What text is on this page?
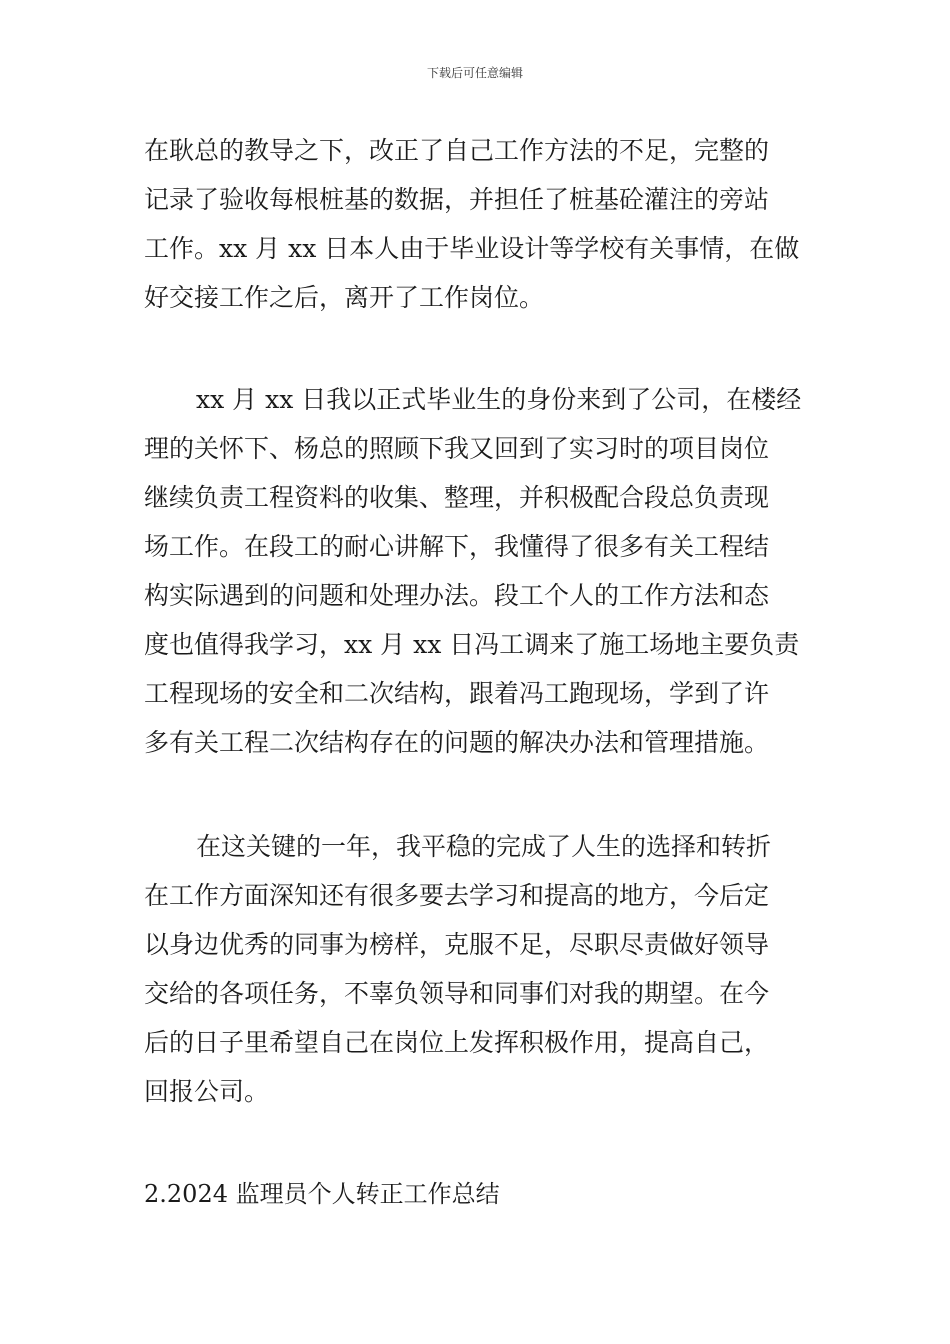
下载后可任意编辑
在耿总的教导之下，改正了自己工作方法的不足，完整的
记录了验收每根桩基的数据，并担任了桩基砼灌注的旁站
工作。xx 月 xx 日本人由于毕业设计等学校有关事情，在做
好交接工作之后，离开了工作岗位。
xx 月 xx 日我以正式毕业生的身份来到了公司，在楼经
理的关怀下、杨总的照顾下我又回到了实习时的项目岗位
继续负责工程资料的收集、整理，并积极配合段总负责现
场工作。在段工的耐心讲解下，我懂得了很多有关工程结
构实际遇到的问题和处理办法。段工个人的工作方法和态
度也值得我学习，xx 月 xx 日冯工调来了施工场地主要负责
工程现场的安全和二次结构，跟着冯工跑现场，学到了许
多有关工程二次结构存在的问题的解决办法和管理措施。
在这关键的一年，我平稳的完成了人生的选择和转折
在工作方面深知还有很多要去学习和提高的地方，今后定
以身边优秀的同事为榜样，克服不足，尽职尽责做好领导
交给的各项任务，不辜负领导和同事们对我的期望。在今
后的日子里希望自己在岗位上发挥积极作用，提高自己，
回报公司。
2.2024 监理员个人转正工作总结
